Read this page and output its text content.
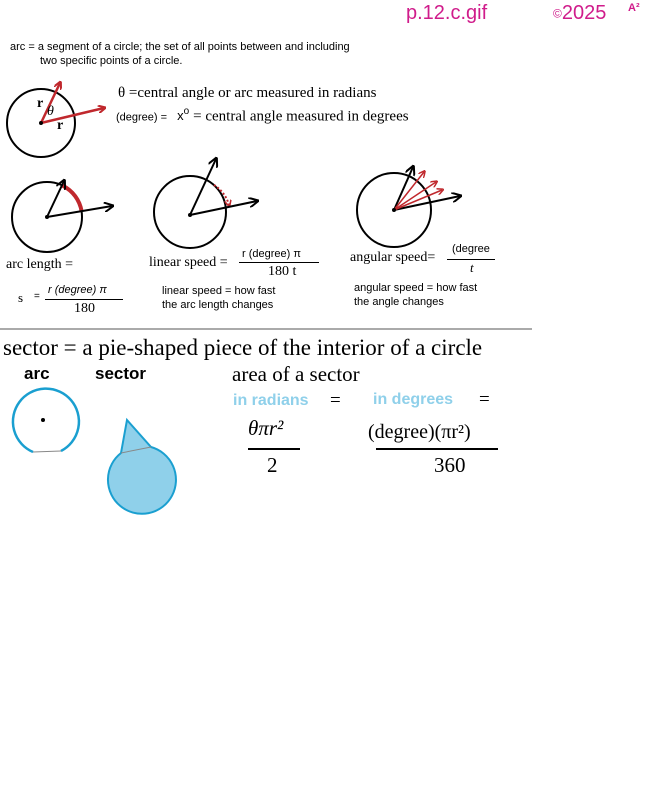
p.12.c.gif	©2025 A²
arc = a segment of a circle; the set of all points between and including
two specific points of a circle.
r
θ
r
θ =central angle or arc measured in radians
(degree) = $x^o$ = central angle measured in degrees
arc length =
s =
r (degree) π
180
linear speed =
r (degree) π
180 t
linear speed = how fast
the arc length changes
angular speed=
(degree
t
angular speed = how fast
the angle changes
sector = a pie-shaped piece of the interior of a circle
arc	sector	area of a sector
in radians = in degrees =
θπr²
2
(degree)(πr²)
360
